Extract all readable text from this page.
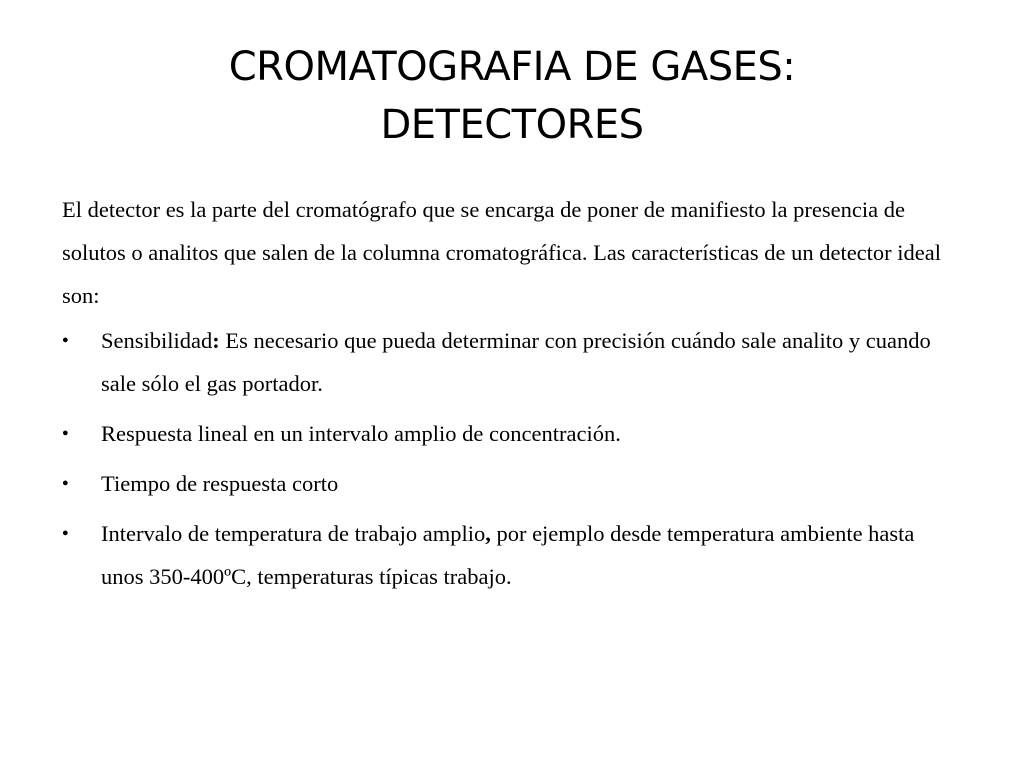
CROMATOGRAFIA DE GASES:
DETECTORES

El detector es la parte del cromatógrafo que se encarga de poner de manifiesto la presencia de solutos o analitos que salen de la columna cromatográfica. Las características de un detector ideal son:

● Sensibilidad: Es necesario que pueda determinar con precisión cuándo sale analito y cuando sale sólo el gas portador.
● Respuesta lineal en un intervalo amplio de concentración.
● Tiempo de respuesta corto
● Intervalo de temperatura de trabajo amplio, por ejemplo desde temperatura ambiente hasta unos 350-400ºC, temperaturas típicas trabajo.
